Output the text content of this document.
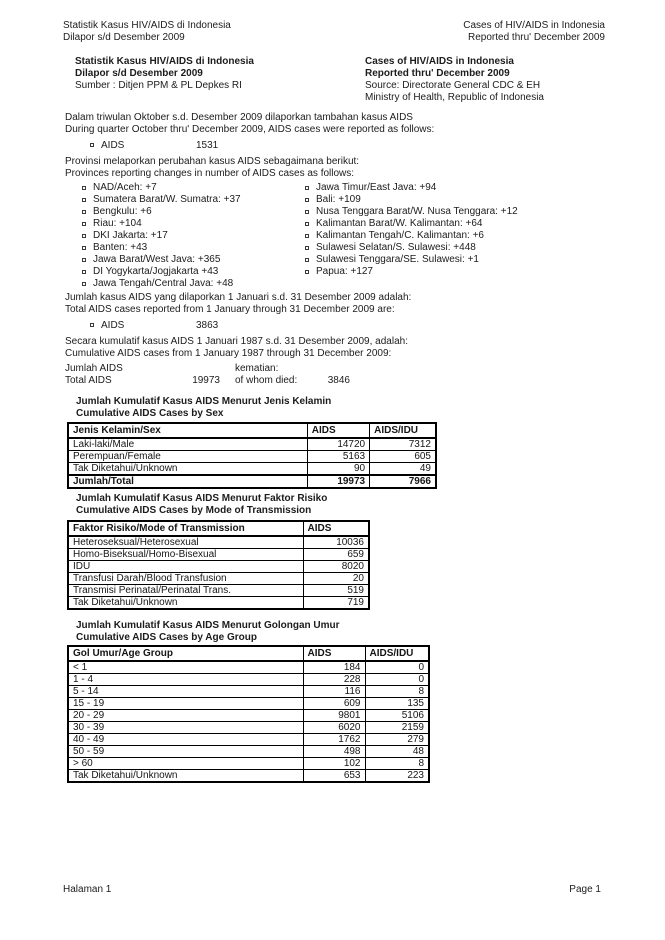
Statistik Kasus HIV/AIDS di Indonesia
Dilapor s/d Desember 2009
Cases of HIV/AIDS in Indonesia
Reported thru' December 2009
Statistik Kasus HIV/AIDS di Indonesia
Dilapor s/d Desember 2009
Sumber : Ditjen PPM & PL Depkes RI
Cases of HIV/AIDS in Indonesia
Reported thru' December 2009
Source: Directorate General CDC & EH
Ministry of Health, Republic of Indonesia
Dalam triwulan Oktober s.d. Desember 2009 dilaporkan tambahan kasus AIDS
During quarter October thru' December 2009, AIDS cases were reported as follows:
AIDS	1531
Provinsi melaporkan perubahan kasus AIDS sebagaimana berikut:
Provinces reporting changes in number of AIDS cases as follows:
NAD/Aceh: +7
Sumatera Barat/W. Sumatra: +37
Bengkulu: +6
Riau: +104
DKI Jakarta: +17
Banten: +43
Jawa Barat/West Java: +365
DI Yogykarta/Jogjakarta +43
Jawa Tengah/Central Java: +48
Jawa Timur/East Java: +94
Bali: +109
Nusa Tenggara Barat/W. Nusa Tenggara: +12
Kalimantan Barat/W. Kalimantan: +64
Kalimantan Tengah/C. Kalimantan: +6
Sulawesi Selatan/S. Sulawesi: +448
Sulawesi Tenggara/SE. Sulawesi: +1
Papua: +127
Jumlah kasus AIDS yang dilaporkan 1 Januari s.d. 31 Desember 2009 adalah:
Total AIDS cases reported from 1 January through 31 December 2009 are:
AIDS	3863
Secara kumulatif kasus AIDS 1 Januari 1987 s.d. 31 Desember 2009, adalah:
Cumulative AIDS cases from 1 January 1987 through 31 December 2009:
Jumlah AIDS	kematian:
Total AIDS	19973	of whom died:	3846
Jumlah Kumulatif Kasus AIDS Menurut Jenis Kelamin
Cumulative AIDS Cases by Sex
Jenis Kelamin/Sex	AIDS	AIDS/IDU
Laki-laki/Male	14720	7312
Perempuan/Female	5163	605
Tak Diketahui/Unknown	90	49
Jumlah/Total	19973	7966
Jumlah Kumulatif Kasus AIDS Menurut Faktor Risiko
Cumulative AIDS Cases by Mode of Transmission
Faktor Risiko/Mode of Transmission	AIDS
Heteroseksual/Heterosexual	10036
Homo-Biseksual/Homo-Bisexual	659
IDU	8020
Transfusi Darah/Blood Transfusion	20
Transmisi Perinatal/Perinatal Trans.	519
Tak Diketahui/Unknown	719
Jumlah Kumulatif Kasus AIDS Menurut Golongan Umur
Cumulative AIDS Cases by Age Group
Gol Umur/Age Group	AIDS	AIDS/IDU
< 1	184	0
1 - 4	228	0
5 - 14	116	8
15 - 19	609	135
20 - 29	9801	5106
30 - 39	6020	2159
40 - 49	1762	279
50 - 59	498	48
> 60	102	8
Tak Diketahui/Unknown	653	223
Halaman 1	Page 1
